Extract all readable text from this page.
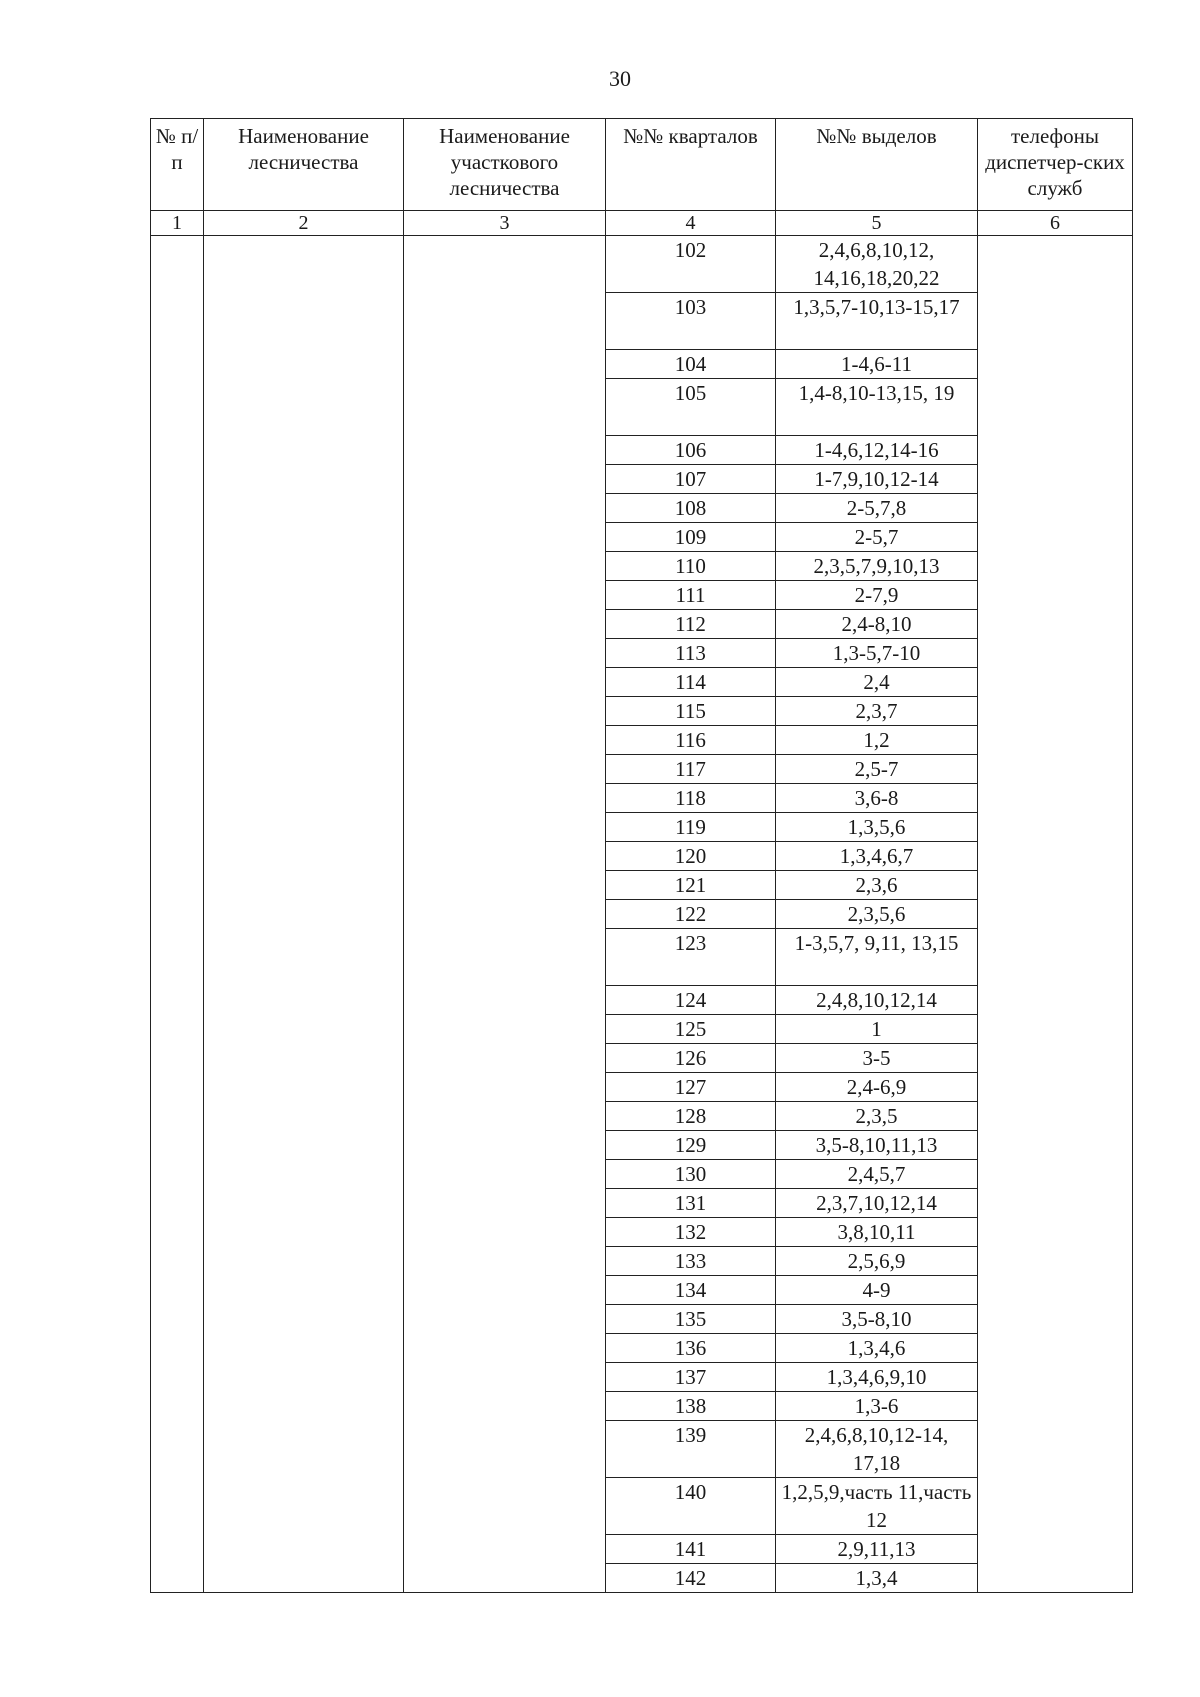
30
№ п/п	Наименование лесничества	Наименование участкового лесничества	№№ кварталов	№№ выделов	телефоны диспетчер-ских служб
1	2	3	4	5	6
			102	2,4,6,8,10,12, 14,16,18,20,22	
			103	1,3,5,7-10,13-15,17	
			104	1-4,6-11	
			105	1,4-8,10-13,15, 19	
			106	1-4,6,12,14-16	
			107	1-7,9,10,12-14	
			108	2-5,7,8	
			109	2-5,7	
			110	2,3,5,7,9,10,13	
			111	2-7,9	
			112	2,4-8,10	
			113	1,3-5,7-10	
			114	2,4	
			115	2,3,7	
			116	1,2	
			117	2,5-7	
			118	3,6-8	
			119	1,3,5,6	
			120	1,3,4,6,7	
			121	2,3,6	
			122	2,3,5,6	
			123	1-3,5,7, 9,11, 13,15	
			124	2,4,8,10,12,14	
			125	1	
			126	3-5	
			127	2,4-6,9	
			128	2,3,5	
			129	3,5-8,10,11,13	
			130	2,4,5,7	
			131	2,3,7,10,12,14	
			132	3,8,10,11	
			133	2,5,6,9	
			134	4-9	
			135	3,5-8,10	
			136	1,3,4,6	
			137	1,3,4,6,9,10	
			138	1,3-6	
			139	2,4,6,8,10,12-14, 17,18	
			140	1,2,5,9,часть 11,часть 12	
			141	2,9,11,13	
			142	1,3,4	
